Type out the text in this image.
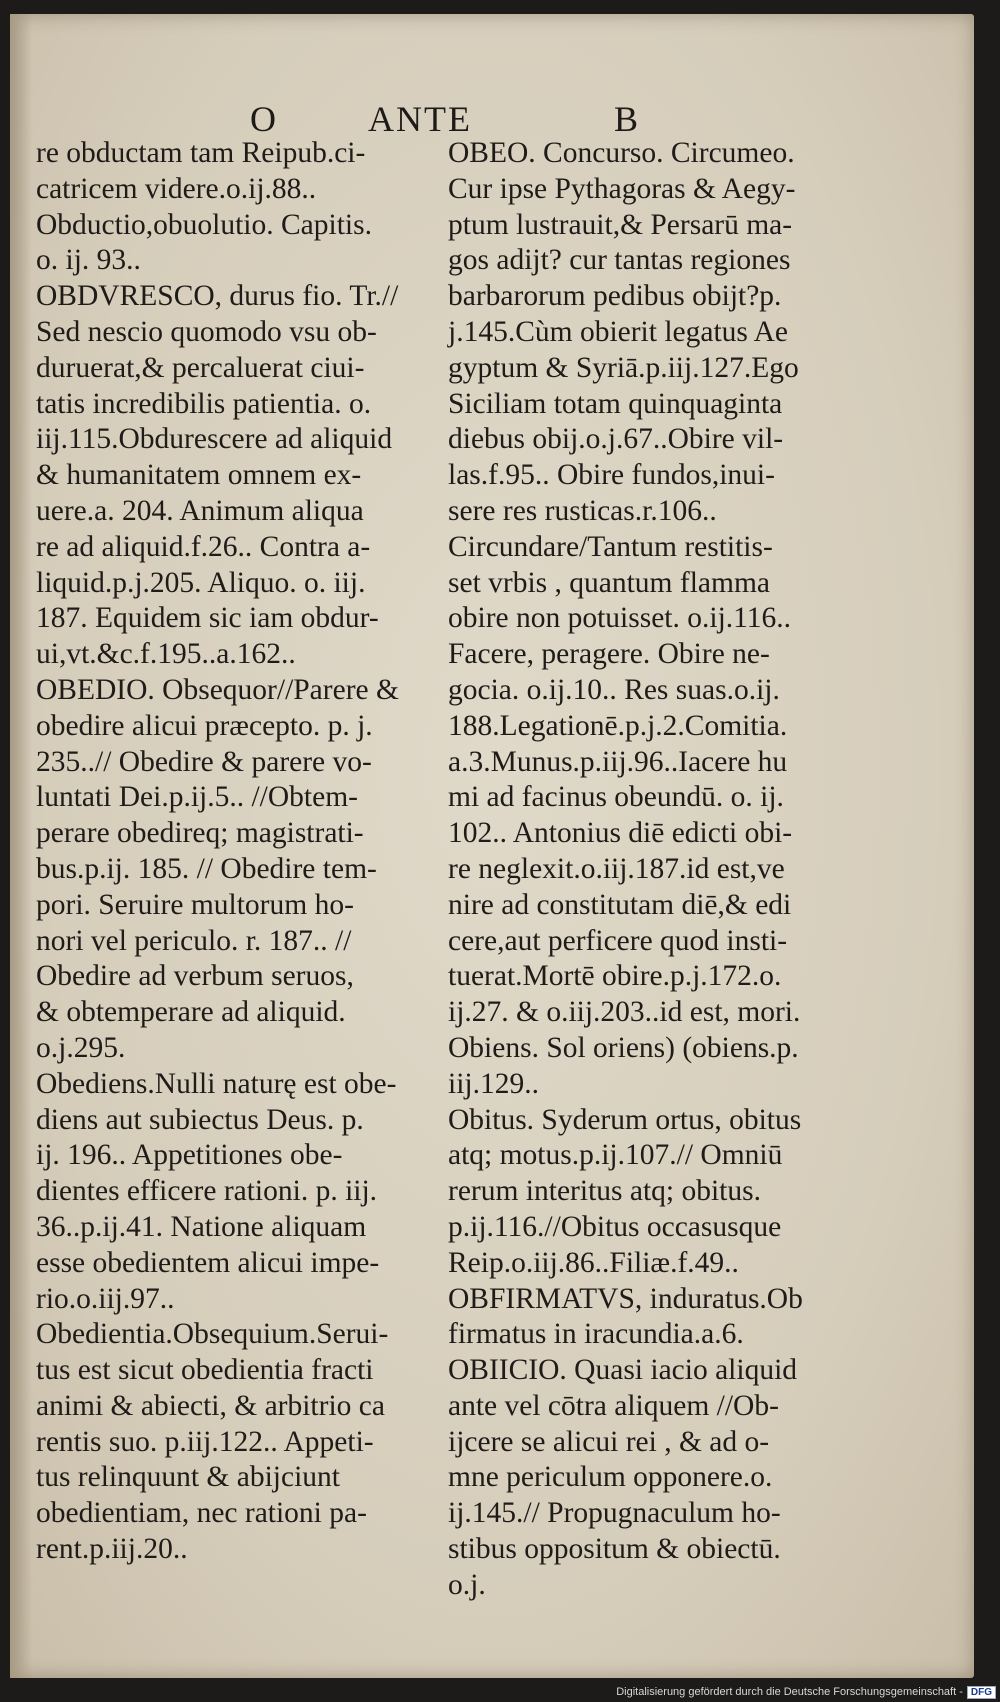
O	ANTE	B
re obductam tam Reipub.ci-
catricem videre.o.ij.88..
Obductio,obuolutio. Capitis.
o. ij. 93..
OBDVRESCO, durus fio. Tr.//
Sed nescio quomodo vsu ob-
duruerat,& percaluerat ciui-
tatis incredibilis patientia. o.
iij.115.Obdurescere ad aliquid
& humanitatem omnem ex-
uere.a. 204. Animum aliqua
re ad aliquid.f.26.. Contra a-
liquid.p.j.205. Aliquo. o. iij.
187. Equidem sic iam obdur-
ui,vt.&c.f.195..a.162..
OBEDIO. Obsequor//Parere &
obedire alicui præcepto. p. j.
235..// Obedire & parere vo-
luntati Dei.p.ij.5.. //Obtem-
perare obedireq; magistrati-
bus.p.ij. 185. // Obedire tem-
pori. Seruire multorum ho-
nori vel periculo. r. 187.. //
Obedire ad verbum seruos,
& obtemperare ad aliquid.
o.j.295.
Obediens.Nulli naturę est obe-
diens aut subiectus Deus. p.
ij. 196.. Appetitiones obe-
dientes efficere rationi. p. iij.
36..p.ij.41. Natione aliquam
esse obedientem alicui impe-
rio.o.iij.97..
Obedientia.Obsequium.Serui-
tus est sicut obedientia fracti
animi & abiecti, & arbitrio ca
rentis suo. p.iij.122.. Appeti-
tus relinquunt & abijciunt
obedientiam, nec rationi pa-
rent.p.iij.20..
OBEO. Concurso. Circumeo.
Cur ipse Pythagoras & Aegy-
ptum lustrauit,& Persarū ma-
gos adijt? cur tantas regiones
barbarorum pedibus obijt?p.
j.145.Cùm obierit legatus Ae
gyptum & Syriā.p.iij.127.Ego
Siciliam totam quinquaginta
diebus obij.o.j.67..Obire vil-
las.f.95.. Obire fundos,inui-
sere res rusticas.r.106..
Circundare/Tantum restitis-
set vrbis , quantum flamma
obire non potuisset. o.ij.116..
Facere, peragere. Obire ne-
gocia. o.ij.10.. Res suas.o.ij.
188.Legationē.p.j.2.Comitia.
a.3.Munus.p.iij.96..Iacere hu
mi ad facinus obeundū. o. ij.
102.. Antonius diē edicti obi-
re neglexit.o.iij.187.id est,ve
nire ad constitutam diē,& edi
cere,aut perficere quod insti-
tuerat.Mortē obire.p.j.172.o.
ij.27. & o.iij.203..id est, mori.
Obiens. Sol oriens) (obiens.p.
iij.129..
Obitus. Syderum ortus, obitus
atq; motus.p.ij.107.// Omniū
rerum interitus atq; obitus.
p.ij.116.//Obitus occasusque
Reip.o.iij.86..Filiæ.f.49..
OBFIRMATVS, induratus.Ob
firmatus in iracundia.a.6.
OBIICIO. Quasi iacio aliquid
ante vel cōtra aliquem //Ob-
ijcere se alicui rei , & ad o-
mne periculum opponere.o.
ij.145.// Propugnaculum ho-
stibus oppositum & obiectū.
o.j.
Digitalisierung gefördert durch die Deutsche Forschungsgemeinschaft - DFG
